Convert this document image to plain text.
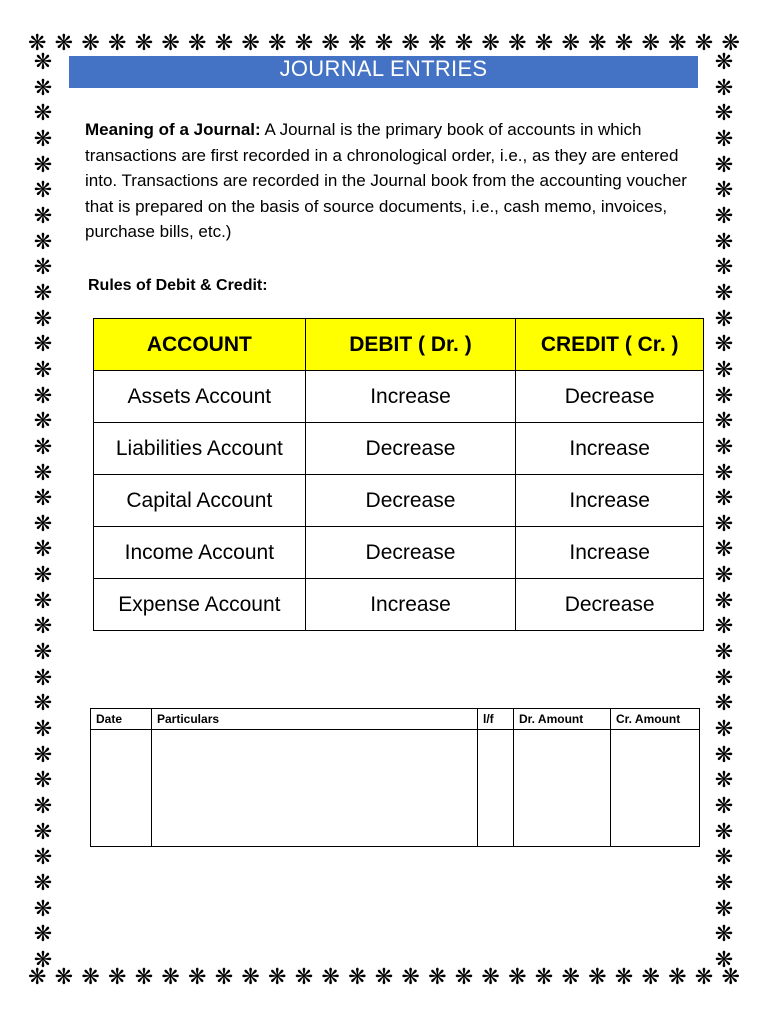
❋ ❋ ❋ ❋ ❋ ❋ ❋ ❋ ❋ ❋ ❋ ❋ ❋ ❋ ❋ ❋ ❋ ❋ ❋ ❋ ❋ ❋ ❋ ❋ ❋ ❋ ❋
❋ ❋ ❋ ❋ ❋ ❋ ❋ ❋ ❋ ❋ ❋ ❋ ❋ ❋ ❋ ❋ ❋ ❋ ❋ ❋ ❋ ❋ ❋ ❋ ❋ ❋ ❋
❋
❋
❋
❋
❋
❋
❋
❋
❋
❋
❋
❋
❋
❋
❋
❋
❋
❋
❋
❋
❋
❋
❋
❋
❋
❋
❋
❋
❋
❋
❋
❋
❋
❋
❋
❋
❋
❋
❋
❋
❋
❋
❋
❋
❋
❋
❋
❋
❋
❋
❋
❋
❋
❋
❋
❋
❋
❋
❋
❋
❋
❋
❋
❋
❋
❋
❋
❋
❋
❋
❋
❋
JOURNAL ENTRIES
Meaning of a Journal: A Journal is the primary book of accounts in which transactions are first recorded in a chronological order, i.e., as they are entered into. Transactions are recorded in the Journal book from the accounting voucher that is prepared on the basis of source documents, i.e., cash memo, invoices, purchase bills, etc.)
Rules of Debit & Credit:
ACCOUNT	DEBIT ( Dr. )	CREDIT ( Cr. )
Assets Account	Increase	Decrease
Liabilities Account	Decrease	Increase
Capital Account	Decrease	Increase
Income Account	Decrease	Increase
Expense Account	Increase	Decrease
Date	Particulars	l/f	Dr. Amount	Cr. Amount
